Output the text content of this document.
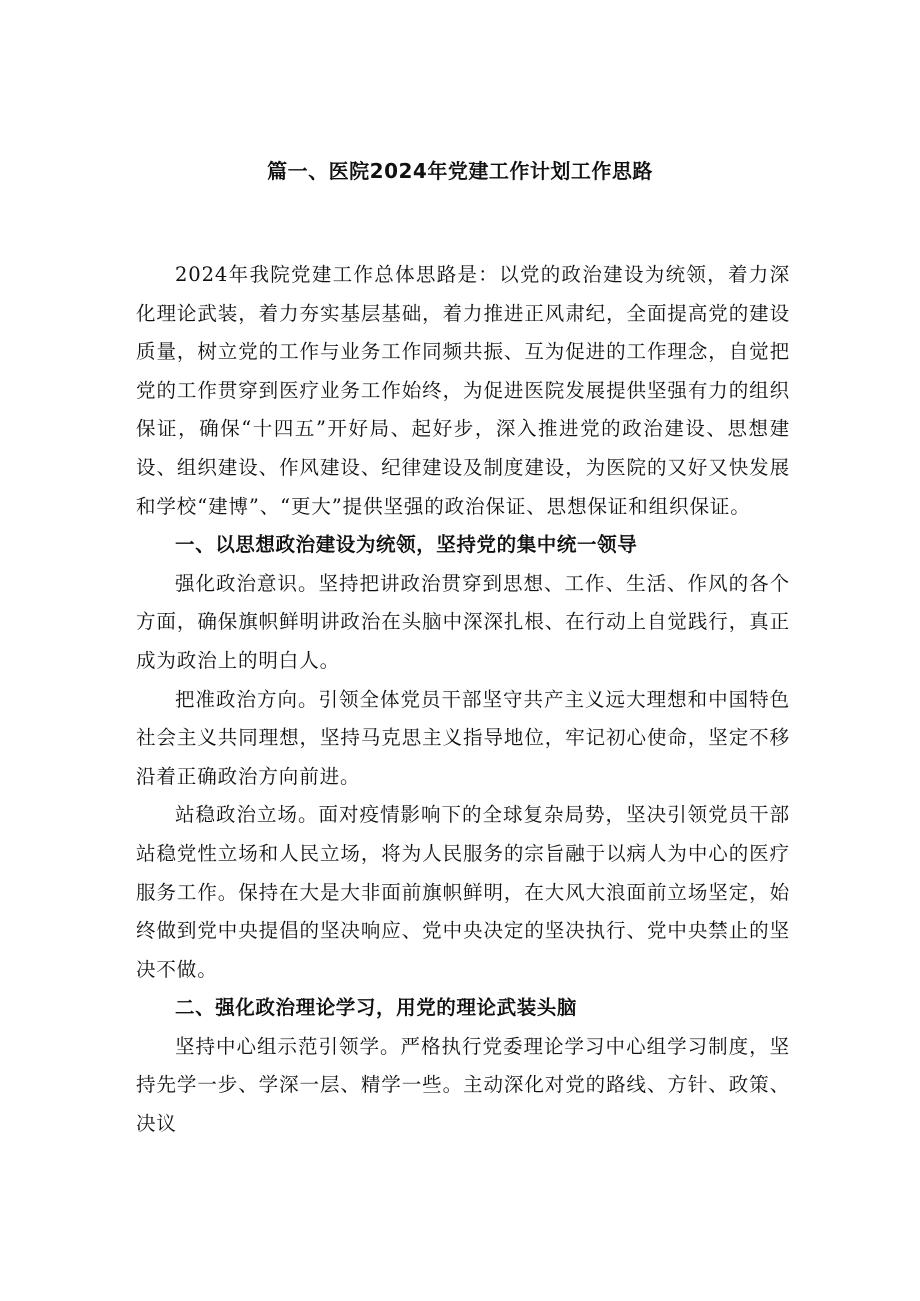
篇一、医院2024年党建工作计划工作思路

2024年我院党建工作总体思路是：以党的政治建设为统领，着力深化理论武装，着力夯实基层基础，着力推进正风肃纪，全面提高党的建设质量，树立党的工作与业务工作同频共振、互为促进的工作理念，自觉把党的工作贯穿到医疗业务工作始终，为促进医院发展提供坚强有力的组织保证，确保“十四五”开好局、起好步，深入推进党的政治建设、思想建设、组织建设、作风建设、纪律建设及制度建设，为医院的又好又快发展和学校“建博”、“更大”提供坚强的政治保证、思想保证和组织保证。

一、以思想政治建设为统领，坚持党的集中统一领导

强化政治意识。坚持把讲政治贯穿到思想、工作、生活、作风的各个方面，确保旗帜鲜明讲政治在头脑中深深扎根、在行动上自觉践行，真正成为政治上的明白人。

把准政治方向。引领全体党员干部坚守共产主义远大理想和中国特色社会主义共同理想，坚持马克思主义指导地位，牢记初心使命，坚定不移沿着正确政治方向前进。

站稳政治立场。面对疫情影响下的全球复杂局势，坚决引领党员干部站稳党性立场和人民立场，将为人民服务的宗旨融于以病人为中心的医疗服务工作。保持在大是大非面前旗帜鲜明，在大风大浪面前立场坚定，始终做到党中央提倡的坚决响应、党中央决定的坚决执行、党中央禁止的坚决不做。

二、强化政治理论学习，用党的理论武装头脑

坚持中心组示范引领学。严格执行党委理论学习中心组学习制度，坚持先学一步、学深一层、精学一些。主动深化对党的路线、方针、政策、决议
